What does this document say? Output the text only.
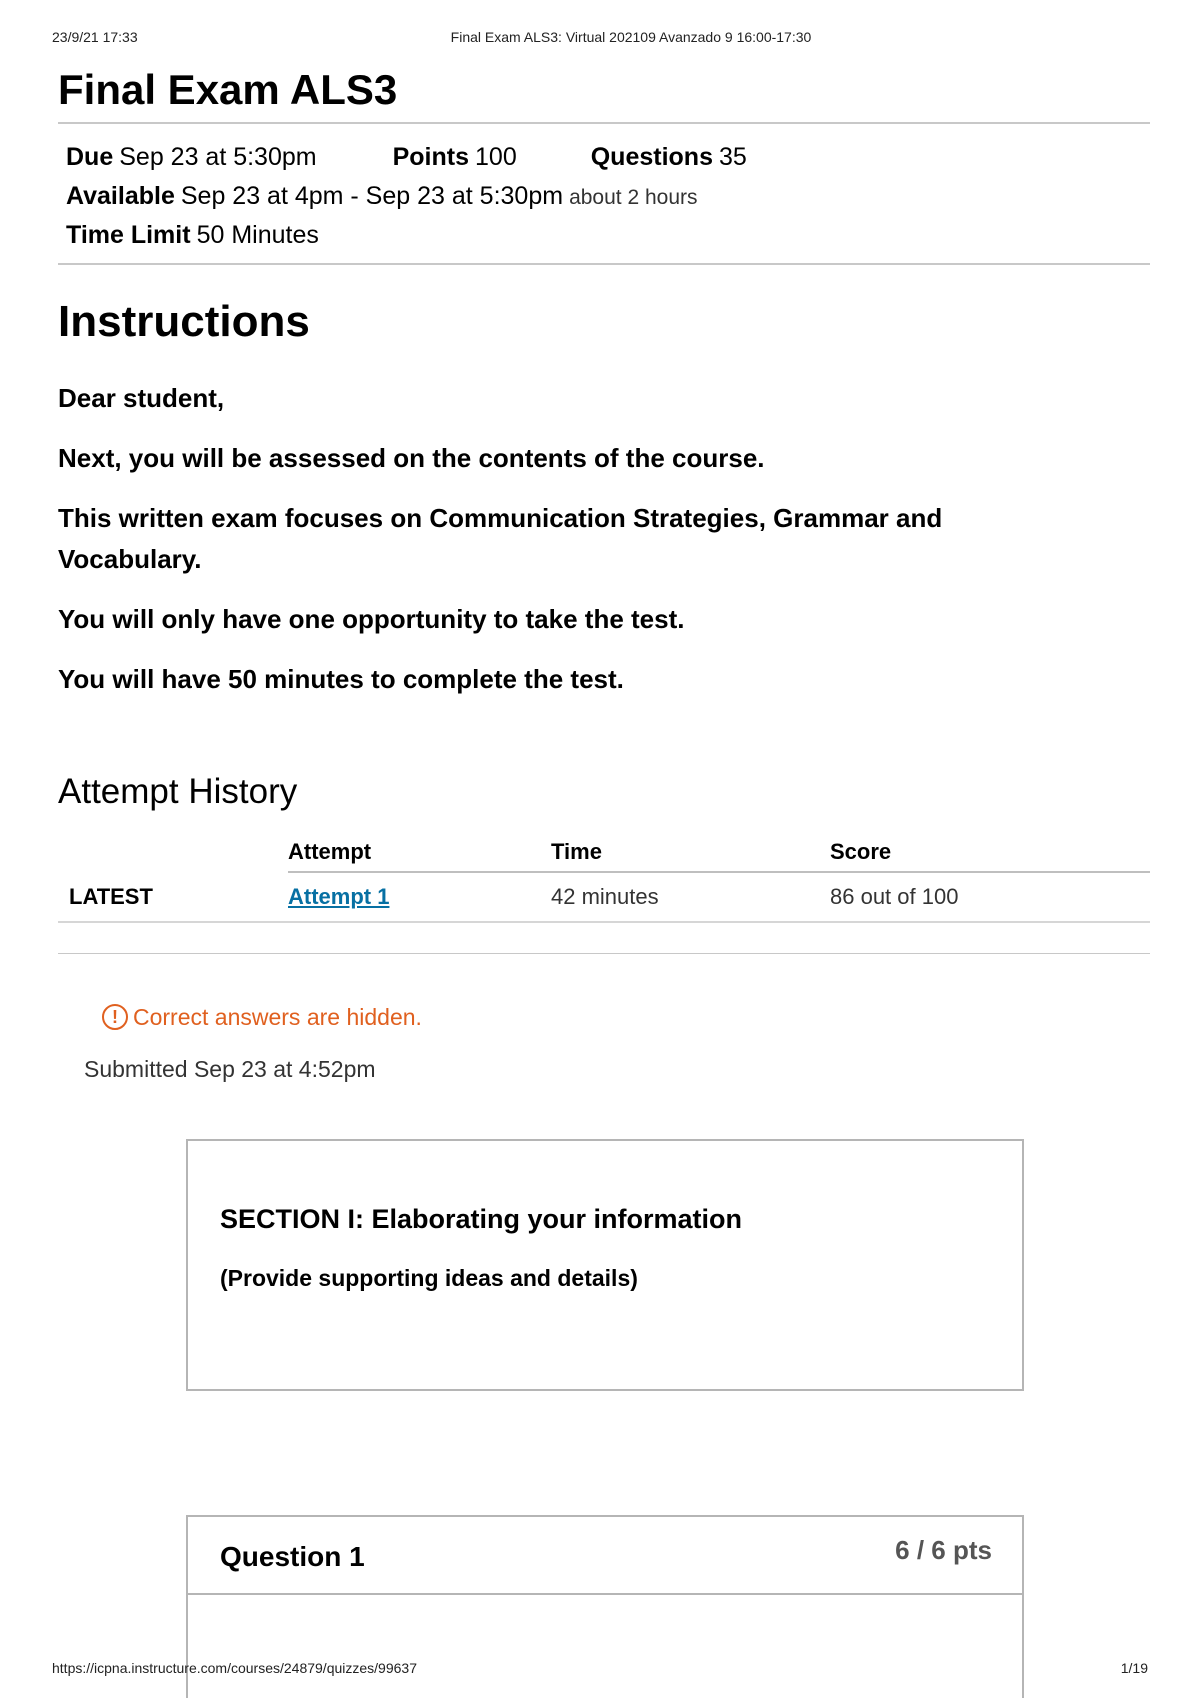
23/9/21 17:33	Final Exam ALS3: Virtual 202109 Avanzado 9 16:00-17:30
Final Exam ALS3
Due Sep 23 at 5:30pm	Points 100	Questions 35
Available Sep 23 at 4pm - Sep 23 at 5:30pm about 2 hours
Time Limit 50 Minutes
Instructions

Dear student,

Next, you will be assessed on the contents of the course.

This written exam focuses on Communication Strategies, Grammar and Vocabulary.

You will only have one opportunity to take the test.

You will have 50 minutes to complete the test.

Attempt History
	Attempt	Time	Score
LATEST	Attempt 1	42 minutes	86 out of 100
! Correct answers are hidden.
Submitted Sep 23 at 4:52pm
SECTION I: Elaborating your information
(Provide supporting ideas and details)
Question 1	6 / 6 pts
https://icpna.instructure.com/courses/24879/quizzes/99637	1/19
